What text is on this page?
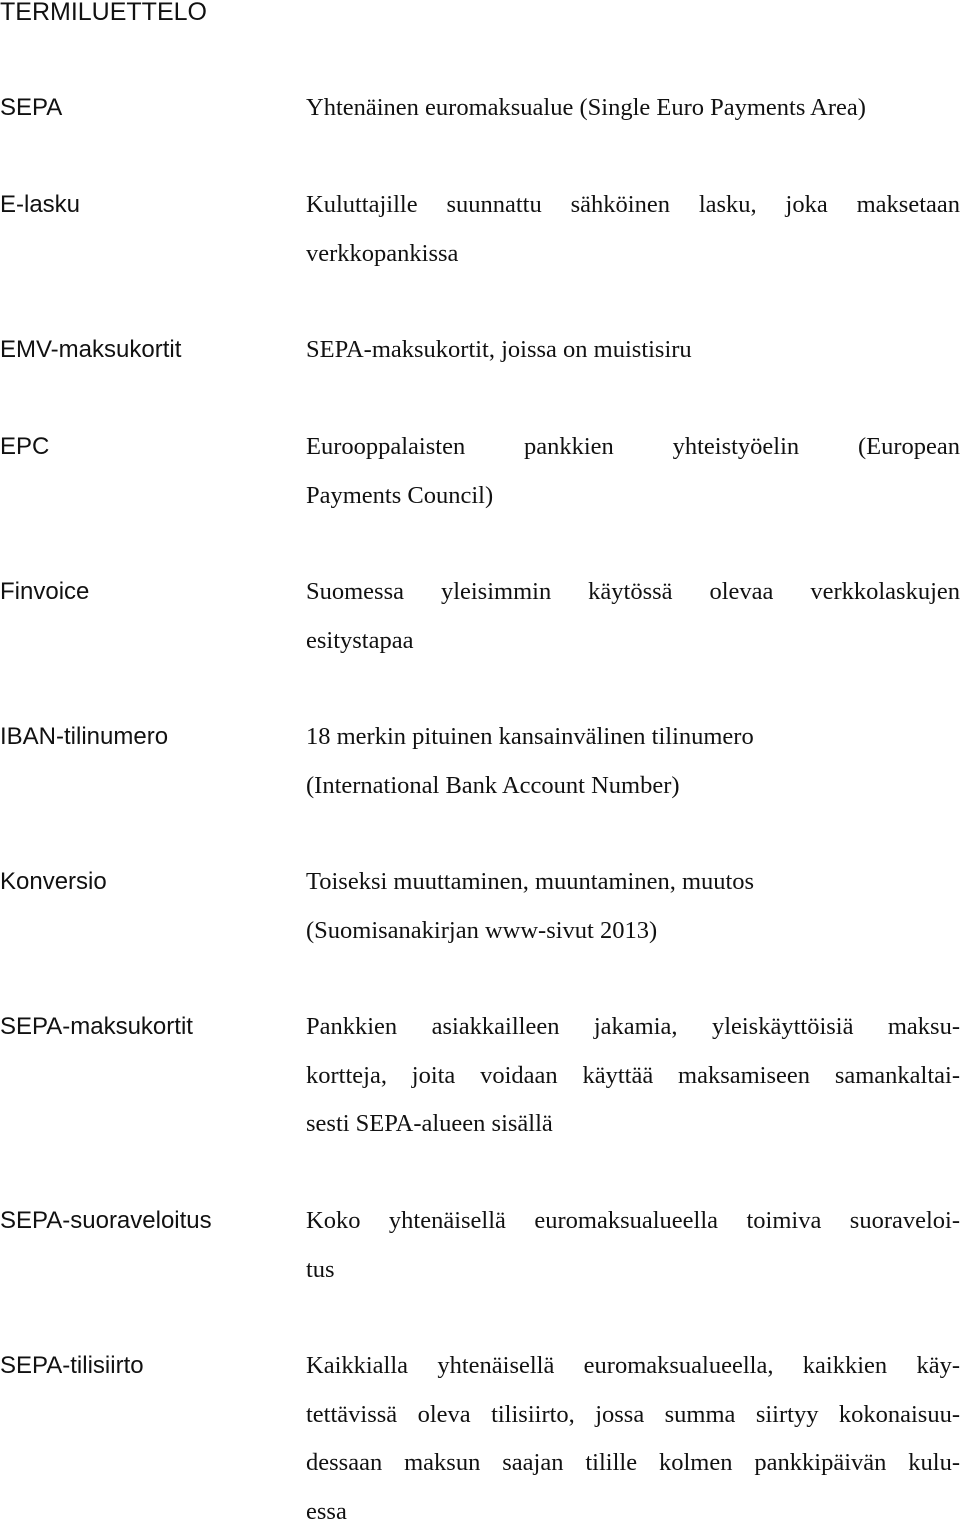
TERMILUETTELO
SEPA	Yhtenäinen euromaksualue (Single Euro Payments Area)
E-lasku	Kuluttajille suunnattu sähköinen lasku, joka maksetaan
verkkopankissa
EMV-maksukortit	SEPA-maksukortit, joissa on muistisiru
EPC	Eurooppalaisten pankkien yhteistyöelin (European
Payments Council)
Finvoice	Suomessa yleisimmin käytössä olevaa verkkolaskujen
esitystapaa
IBAN-tilinumero	18 merkin pituinen kansainvälinen tilinumero
(International Bank Account Number)
Konversio	Toiseksi muuttaminen, muuntaminen, muutos
(Suomisanakirjan www-sivut 2013)
SEPA-maksukortit	Pankkien asiakkailleen jakamia, yleiskäyttöisiä maksu-
kortteja, joita voidaan käyttää maksamiseen samankaltai-
sesti SEPA-alueen sisällä
SEPA-suoraveloitus	Koko yhtenäisellä euromaksualueella toimiva suoraveloi-
tus
SEPA-tilisiirto	Kaikkialla yhtenäisellä euromaksualueella, kaikkien käy-
tettävissä oleva tilisiirto, jossa summa siirtyy kokonaisuu-
dessaan maksun saajan tilille kolmen pankkipäivän kulu-
essa
